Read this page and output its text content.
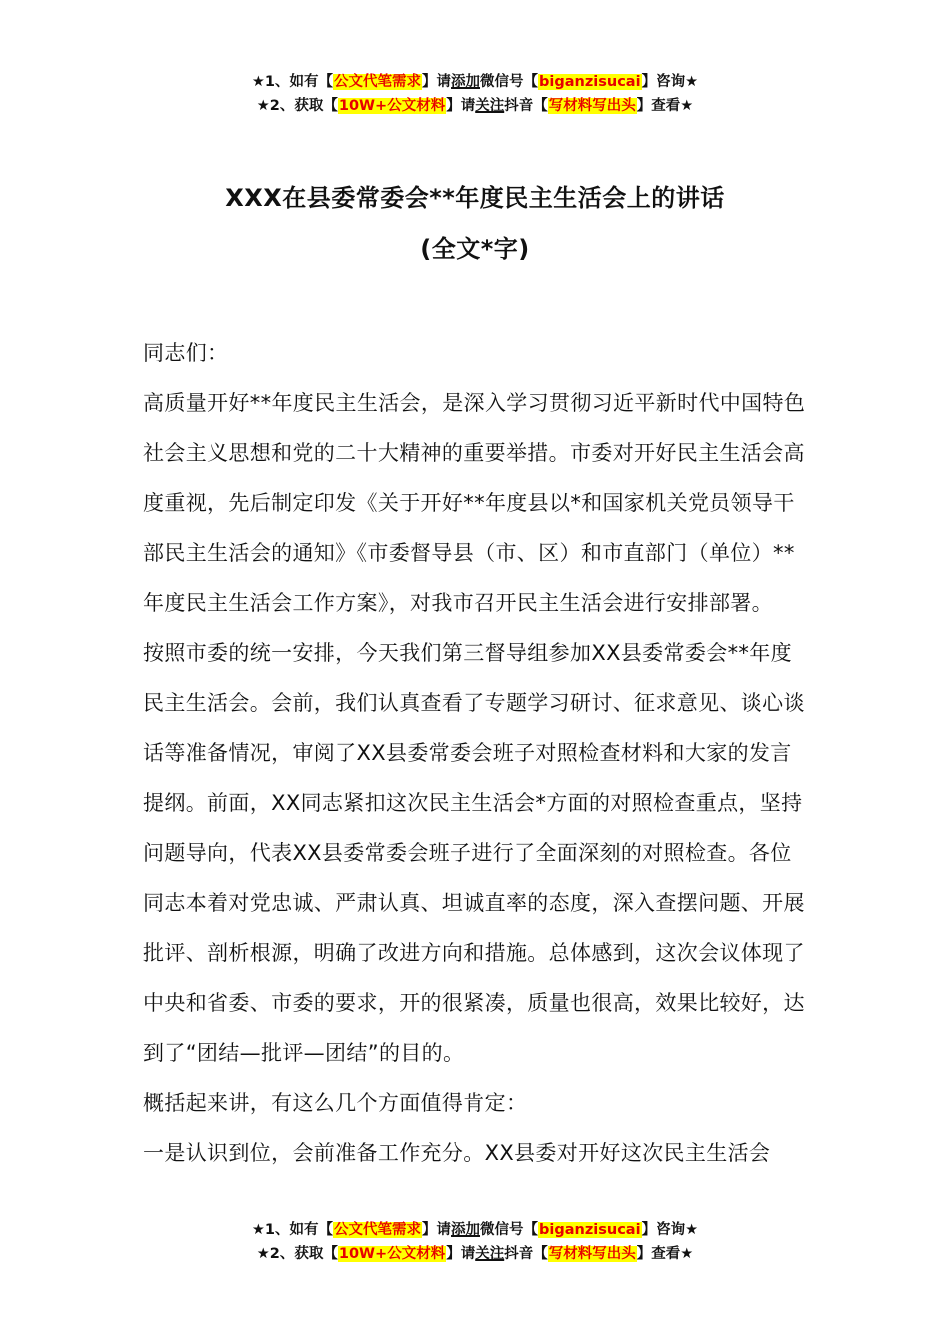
★1、如有【公文代笔需求】请添加微信号【biganzisucai】咨询★
★2、获取【10W+公文材料】请关注抖音【写材料写出头】查看★
XXX在县委常委会**年度民主生活会上的讲话
(全文*字)

同志们：

高质量开好**年度民主生活会，是深入学习贯彻习近平新时代中国特色社会主义思想和党的二十大精神的重要举措。市委对开好民主生活会高度重视，先后制定印发《关于开好**年度县以*和国家机关党员领导干部民主生活会的通知》《市委督导县（市、区）和市直部门（单位）**年度民主生活会工作方案》，对我市召开民主生活会进行安排部署。

按照市委的统一安排，今天我们第三督导组参加XX县委常委会**年度民主生活会。会前，我们认真查看了专题学习研讨、征求意见、谈心谈话等准备情况，审阅了XX县委常委会班子对照检查材料和大家的发言提纲。前面，XX同志紧扣这次民主生活会*方面的对照检查重点，坚持问题导向，代表XX县委常委会班子进行了全面深刻的对照检查。各位同志本着对党忠诚、严肃认真、坦诚直率的态度，深入查摆问题、开展批评、剖析根源，明确了改进方向和措施。总体感到，这次会议体现了中央和省委、市委的要求，开的很紧凑，质量也很高，效果比较好，达到了“团结—批评—团结”的目的。

概括起来讲，有这么几个方面值得肯定：

一是认识到位，会前准备工作充分。XX县委对开好这次民主生活会

★1、如有【公文代笔需求】请添加微信号【biganzisucai】咨询★
★2、获取【10W+公文材料】请关注抖音【写材料写出头】查看★
